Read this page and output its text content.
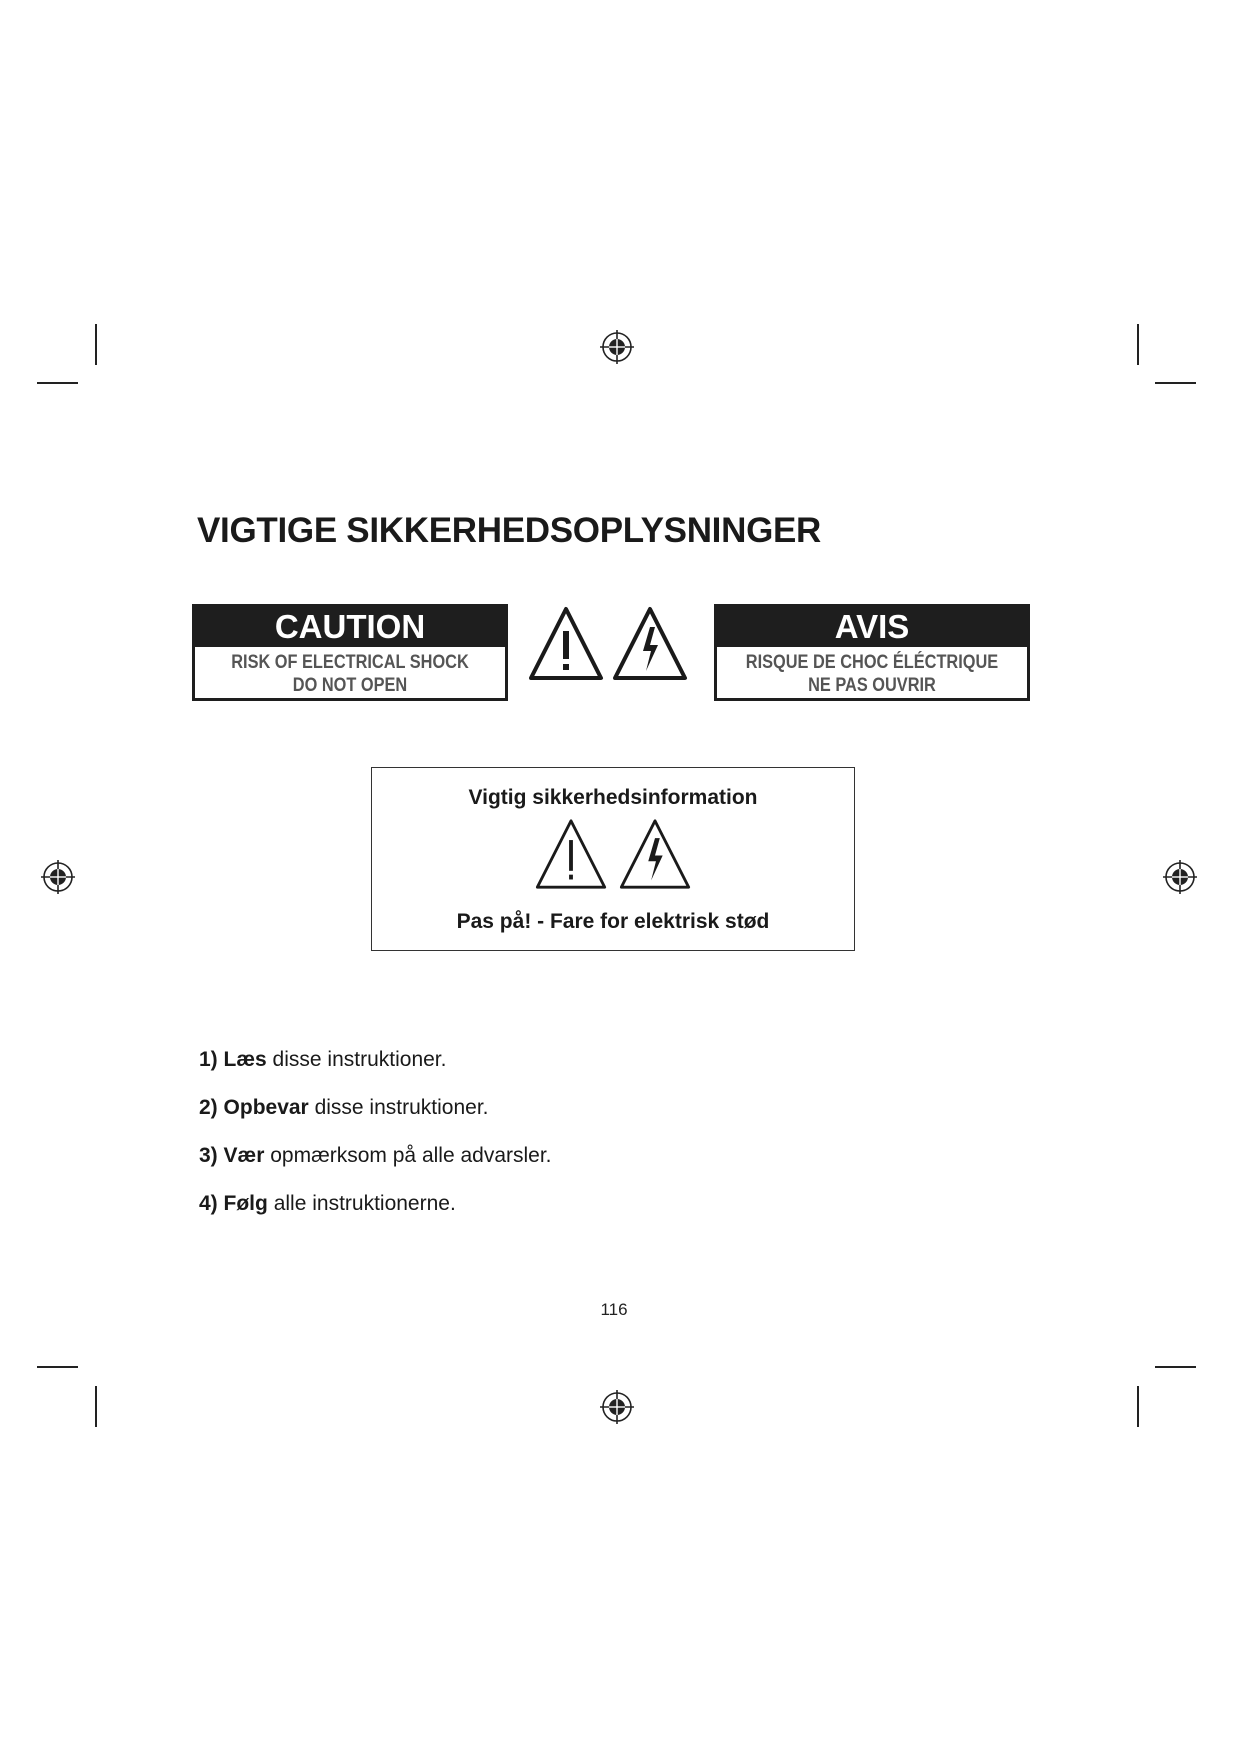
VIGTIGE SIKKERHEDSOPLYSNINGER
CAUTION
RISK OF ELECTRICAL SHOCK
DO NOT OPEN
AVIS
RISQUE DE CHOC ÉLÉCTRIQUE
NE PAS OUVRIR
Vigtig sikkerhedsinformation

Pas på! - Fare for elektrisk stød
1) Læs disse instruktioner.
2) Opbevar disse instruktioner.
3) Vær opmærksom på alle advarsler.
4) Følg alle instruktionerne.
116
